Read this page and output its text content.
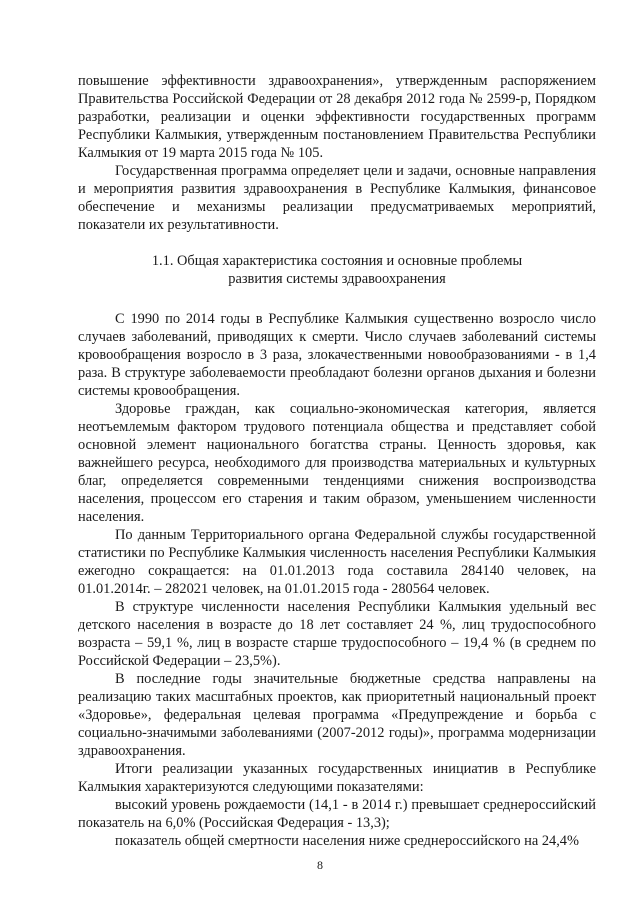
повышение эффективности здравоохранения», утвержденным распоряжением Правительства Российской Федерации от 28 декабря 2012 года № 2599-р, Порядком разработки, реализации и оценки эффективности государственных программ Республики Калмыкия, утвержденным постановлением Правительства Республики Калмыкия от 19 марта 2015 года № 105.

Государственная программа определяет цели и задачи, основные направления и мероприятия развития здравоохранения в Республике Калмыкия, финансовое обеспечение и механизмы реализации предусматриваемых мероприятий, показатели их результативности.

1.1. Общая характеристика состояния и основные проблемы
развития системы здравоохранения

С 1990 по 2014 годы в Республике Калмыкия существенно возросло число случаев заболеваний, приводящих к смерти. Число случаев заболеваний системы кровообращения возросло в 3 раза, злокачественными новообразованиями - в 1,4 раза. В структуре заболеваемости преобладают болезни органов дыхания и болезни системы кровообращения.

Здоровье граждан, как социально-экономическая категория, является неотъемлемым фактором трудового потенциала общества и представляет собой основной элемент национального богатства страны. Ценность здоровья, как важнейшего ресурса, необходимого для производства материальных и культурных благ, определяется современными тенденциями снижения воспроизводства населения, процессом его старения и таким образом, уменьшением численности населения.

По данным Территориального органа Федеральной службы государственной статистики по Республике Калмыкия численность населения Республики Калмыкия ежегодно сокращается: на 01.01.2013 года составила 284140 человек, на 01.01.2014г. – 282021 человек, на 01.01.2015 года - 280564 человек.

В структуре численности населения Республики Калмыкия удельный вес детского населения в возрасте до 18 лет составляет 24 %, лиц трудоспособного возраста – 59,1 %, лиц в возрасте старше трудоспособного – 19,4 % (в среднем по Российской Федерации – 23,5%).

В последние годы значительные бюджетные средства направлены на реализацию таких масштабных проектов, как приоритетный национальный проект «Здоровье», федеральная целевая программа «Предупреждение и борьба с социально-значимыми заболеваниями (2007-2012 годы)», программа модернизации здравоохранения.

Итоги реализации указанных государственных инициатив в Республике Калмыкия характеризуются следующими показателями:

высокий уровень рождаемости (14,1 - в 2014 г.) превышает среднероссийский показатель на 6,0% (Российская Федерация - 13,3);

показатель общей смертности населения ниже среднероссийского на 24,4%

8
